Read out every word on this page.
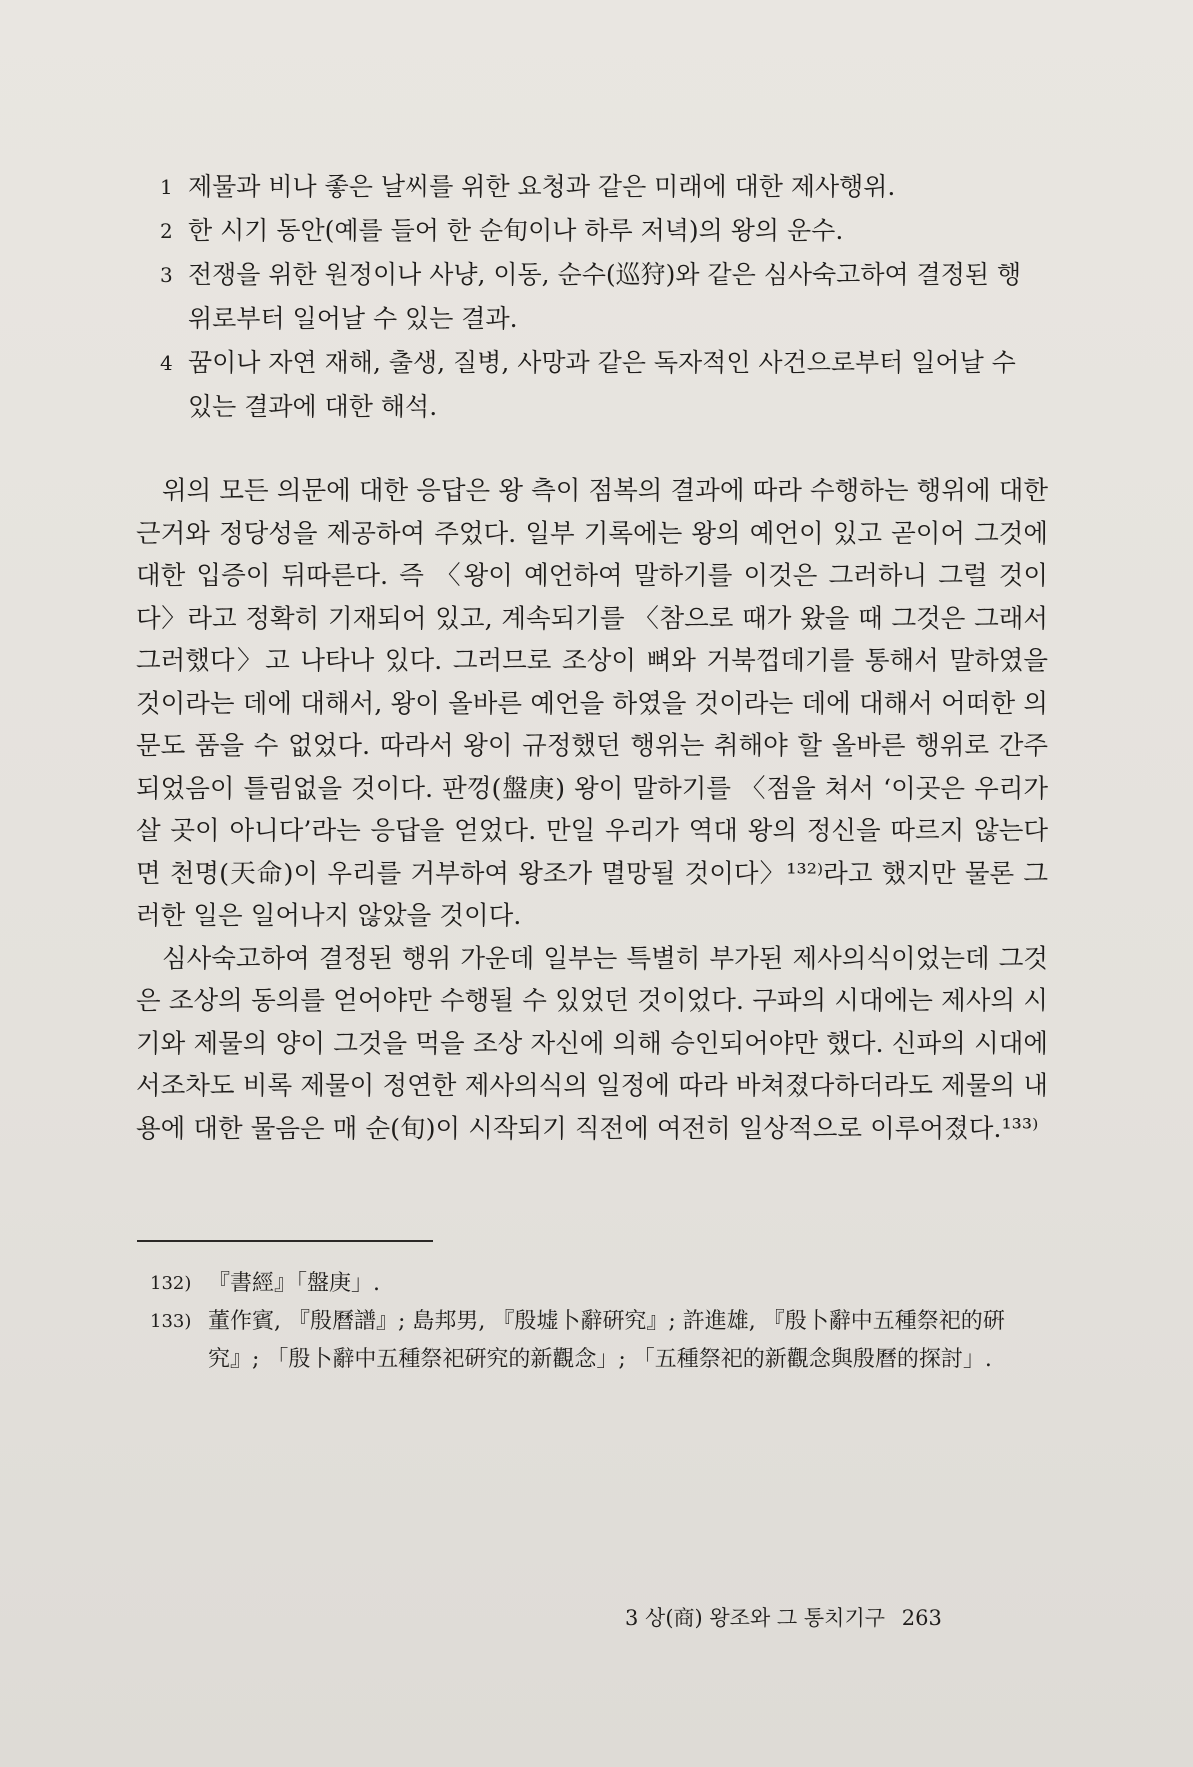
1 제물과 비나 좋은 날씨를 위한 요청과 같은 미래에 대한 제사행위.
2 한 시기 동안(예를 들어 한 순旬이나 하루 저녁)의 왕의 운수.
3 전쟁을 위한 원정이나 사냥, 이동, 순수(巡狩)와 같은 심사숙고하여 결정된 행위로부터 일어날 수 있는 결과.
4 꿈이나 자연 재해, 출생, 질병, 사망과 같은 독자적인 사건으로부터 일어날 수 있는 결과에 대한 해석.

위의 모든 의문에 대한 응답은 왕 측이 점복의 결과에 따라 수행하는 행위에 대한 근거와 정당성을 제공하여 주었다. 일부 기록에는 왕의 예언이 있고 곧이어 그것에 대한 입증이 뒤따른다. 즉 〈왕이 예언하여 말하기를 이것은 그러하니 그럴 것이다〉라고 정확히 기재되어 있고, 계속되기를 〈참으로 때가 왔을 때 그것은 그래서 그러했다〉고 나타나 있다. 그러므로 조상이 뼈와 거북껍데기를 통해서 말하였을 것이라는 데에 대해서, 왕이 올바른 예언을 하였을 것이라는 데에 대해서 어떠한 의문도 품을 수 없었다. 따라서 왕이 규정했던 행위는 취해야 할 올바른 행위로 간주되었음이 틀림없을 것이다. 판껑(盤庚) 왕이 말하기를 〈점을 쳐서 ‘이곳은 우리가 살 곳이 아니다’라는 응답을 얻었다. 만일 우리가 역대 왕의 정신을 따르지 않는다면 천명(天命)이 우리를 거부하여 왕조가 멸망될 것이다〉¹³²⁾라고 했지만 물론 그러한 일은 일어나지 않았을 것이다.

심사숙고하여 결정된 행위 가운데 일부는 특별히 부가된 제사의식이었는데 그것은 조상의 동의를 얻어야만 수행될 수 있었던 것이었다. 구파의 시대에는 제사의 시기와 제물의 양이 그것을 먹을 조상 자신에 의해 승인되어야만 했다. 신파의 시대에서조차도 비록 제물이 정연한 제사의식의 일정에 따라 바쳐졌다하더라도 제물의 내용에 대한 물음은 매 순(旬)이 시작되기 직전에 여전히 일상적으로 이루어졌다.¹³³⁾

132) 『書經』「盤庚」.
133) 董作賓, 『殷曆譜』; 島邦男, 『殷墟卜辭硏究』; 許進雄, 『殷卜辭中五種祭祀的硏究』; 「殷卜辭中五種祭祀硏究的新觀念」; 「五種祭祀的新觀念與殷曆的探討」.
3 상(商) 왕조와 그 통치기구 263
